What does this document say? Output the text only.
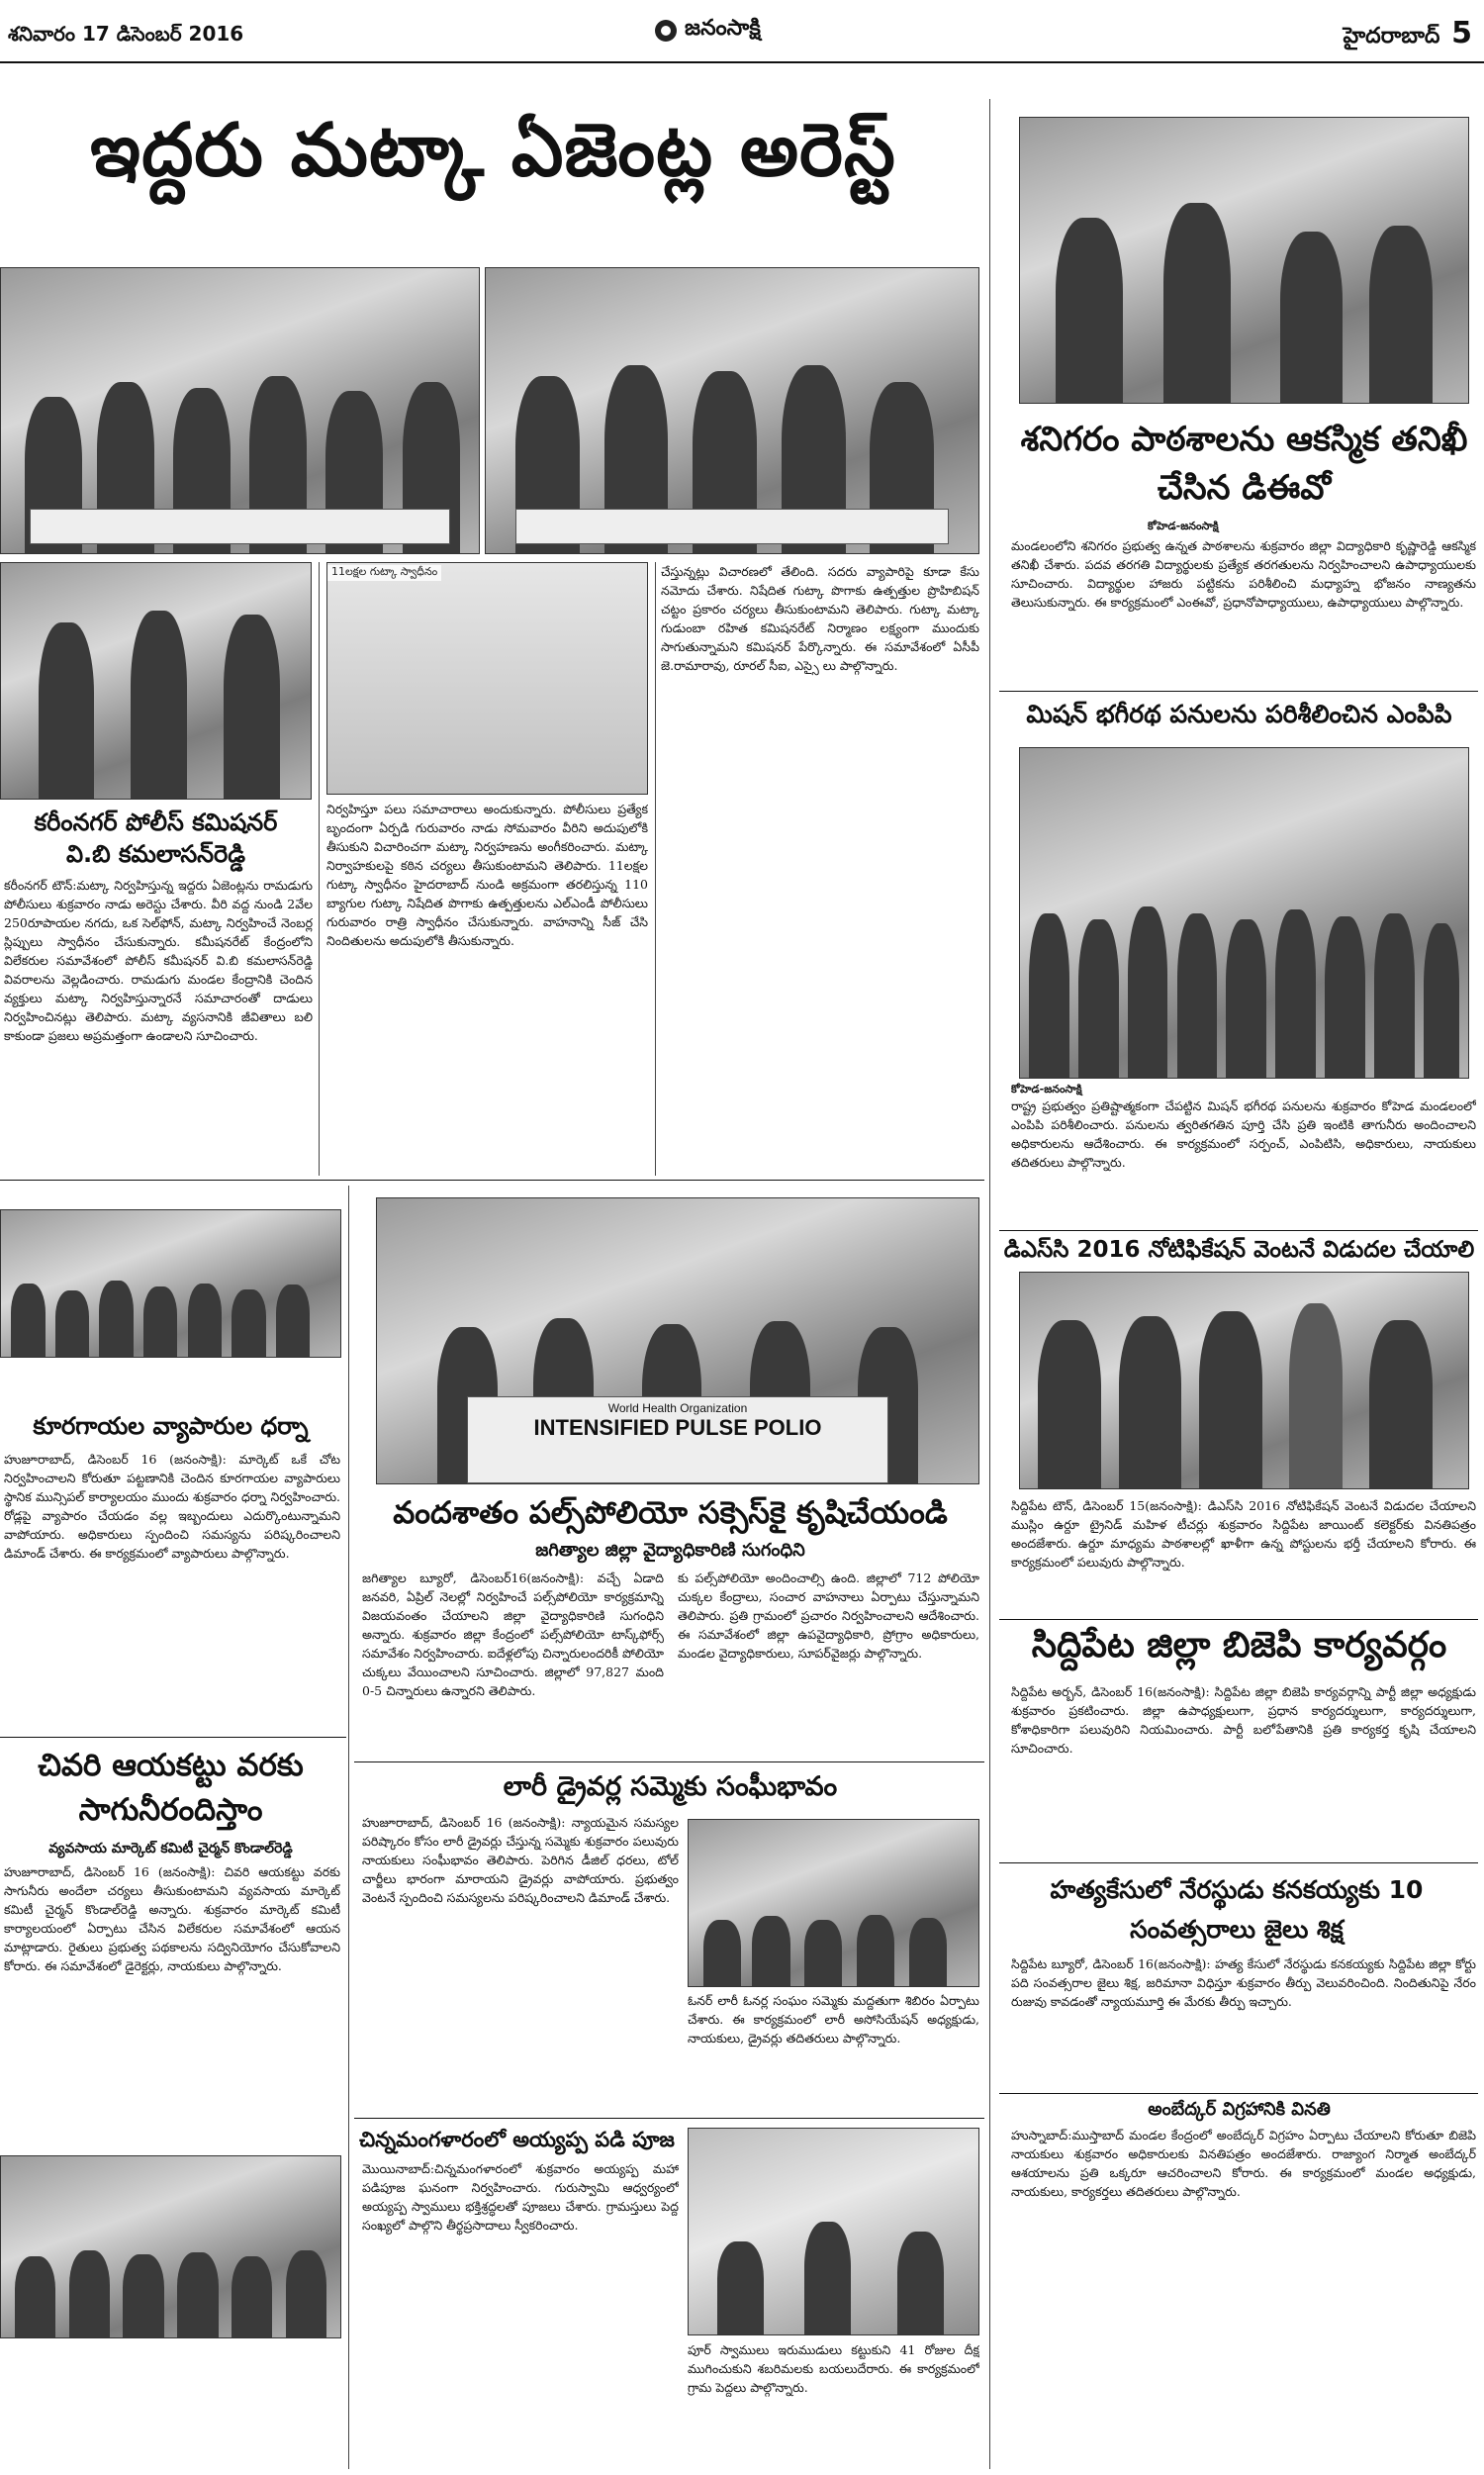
శనివారం 17 డిసెంబర్ 2016	జనంసాక్షి	హైదరాబాద్ 5
ఇద్దరు మట్కా ఏజెంట్ల అరెస్ట్
కరీంనగర్ పోలీస్ కమిషనర్
వి.బి కమలాసన్‌రెడ్డి
11లక్షల గుట్కా స్వాధీనం
కరీంనగర్ టౌన్:మట్కా నిర్వహిస్తున్న ఇద్దరు ఏజెంట్లను రామడుగు పోలీసులు శుక్రవారం నాడు అరెస్టు చేశారు. వీరి వద్ద నుండి 2వేల 250రూపాయల నగదు, ఒక సెల్‌ఫోన్, మట్కా నిర్వహించే నెంబర్ల స్లిప్పులు స్వాధీనం చేసుకున్నారు. కమీషనరేట్ కేంద్రంలోని విలేకరుల సమావేశంలో పోలీస్ కమీషనర్ వి.బి కమలాసన్‌రెడ్డి వివరాలను వెల్లడించారు. రామడుగు మండల కేంద్రానికి చెందిన వ్యక్తులు మట్కా నిర్వహిస్తున్నారనే సమాచారంతో దాడులు నిర్వహించినట్లు తెలిపారు. మట్కా వ్యసనానికి జీవితాలు బలి కాకుండా ప్రజలు అప్రమత్తంగా ఉండాలని సూచించారు.
నిర్వహిస్తూ పలు సమాచారాలు అందుకున్నారు. పోలీసులు ప్రత్యేక బృందంగా ఏర్పడి గురువారం నాడు సోమవారం వీరిని అదుపులోకి తీసుకుని విచారించగా మట్కా నిర్వహణను అంగీకరించారు. మట్కా నిర్వాహకులపై కఠిన చర్యలు తీసుకుంటామని తెలిపారు. 11లక్షల గుట్కా స్వాధీనం హైదరాబాద్ నుండి అక్రమంగా తరలిస్తున్న 110 బ్యాగుల గుట్కా నిషేదిత పొగాకు ఉత్పత్తులను ఎల్‌ఎండీ పోలీసులు గురువారం రాత్రి స్వాధీనం చేసుకున్నారు. వాహనాన్ని సీజ్ చేసి నిందితులను అదుపులోకి తీసుకున్నారు.
చేస్తున్నట్లు విచారణలో తేలింది. సదరు వ్యాపారిపై కూడా కేసు నమోదు చేశారు. నిషేదిత గుట్కా పొగాకు ఉత్పత్తుల ప్రొహిబిషన్ చట్టం ప్రకారం చర్యలు తీసుకుంటామని తెలిపారు. గుట్కా మట్కా గుడుంబా రహిత కమిషనరేట్ నిర్మాణం లక్ష్యంగా ముందుకు సాగుతున్నామని కమిషనర్ పేర్కొన్నారు. ఈ సమావేశంలో ఏసీపీ జె.రామారావు, రూరల్ సీఐ, ఎస్సై లు పాల్గొన్నారు.
శనిగరం పాఠశాలను ఆకస్మిక తనిఖీ చేసిన డిఈవో
కోహెడ-జనంసాక్షి
మండలంలోని శనిగరం ప్రభుత్వ ఉన్నత పాఠశాలను శుక్రవారం జిల్లా విద్యాధికారి కృష్ణారెడ్డి ఆకస్మిక తనిఖీ చేశారు. పదవ తరగతి విద్యార్థులకు ప్రత్యేక తరగతులను నిర్వహించాలని ఉపాధ్యాయులకు సూచించారు. విద్యార్థుల హాజరు పట్టికను పరిశీలించి మధ్యాహ్న భోజనం నాణ్యతను తెలుసుకున్నారు. ఈ కార్యక్రమంలో ఎంఈవో, ప్రధానోపాధ్యాయులు, ఉపాధ్యాయులు పాల్గొన్నారు.
మిషన్ భగీరథ పనులను పరిశీలించిన ఎంపిపి
కోహెడ-జనంసాక్షి
రాష్ట్ర ప్రభుత్వం ప్రతిష్టాత్మకంగా చేపట్టిన మిషన్ భగీరథ పనులను శుక్రవారం కోహెడ మండలంలో ఎంపిపి పరిశీలించారు. పనులను త్వరితగతిన పూర్తి చేసి ప్రతి ఇంటికి తాగునీరు అందించాలని అధికారులను ఆదేశించారు. ఈ కార్యక్రమంలో సర్పంచ్, ఎంపిటిసి, అధికారులు, నాయకులు తదితరులు పాల్గొన్నారు.
డిఎస్‌సి 2016 నోటిఫికేషన్ వెంటనే విడుదల చేయాలి
సిద్దిపేట టౌన్, డిసెంబర్ 15(జనంసాక్షి): డిఎస్‌సి 2016 నోటిఫికేషన్ వెంటనే విడుదల చేయాలని ముస్లిం ఉర్దూ ట్రైనిడ్ మహిళ టీచర్లు శుక్రవారం సిద్దిపేట జాయింట్ కలెక్టర్‌కు వినతిపత్రం అందజేశారు. ఉర్దూ మాధ్యమ పాఠశాలల్లో ఖాళీగా ఉన్న పోస్టులను భర్తీ చేయాలని కోరారు. ఈ కార్యక్రమంలో పలువురు పాల్గొన్నారు.
సిద్దిపేట జిల్లా బిజెపి కార్యవర్గం
సిద్దిపేట అర్బన్, డిసెంబర్ 16(జనంసాక్షి): సిద్దిపేట జిల్లా బిజెపి కార్యవర్గాన్ని పార్టీ జిల్లా అధ్యక్షుడు శుక్రవారం ప్రకటించారు. జిల్లా ఉపాధ్యక్షులుగా, ప్రధాన కార్యదర్శులుగా, కార్యదర్శులుగా, కోశాధికారిగా పలువురిని నియమించారు. పార్టీ బలోపేతానికి ప్రతి కార్యకర్త కృషి చేయాలని సూచించారు.
హత్యకేసులో నేరస్థుడు కనకయ్యకు 10 సంవత్సరాలు జైలు శిక్ష
సిద్దిపేట బ్యూరో, డిసెంబర్ 16(జనంసాక్షి): హత్య కేసులో నేరస్థుడు కనకయ్యకు సిద్దిపేట జిల్లా కోర్టు పది సంవత్సరాల జైలు శిక్ష, జరిమానా విధిస్తూ శుక్రవారం తీర్పు వెలువరించింది. నిందితునిపై నేరం రుజువు కావడంతో న్యాయమూర్తి ఈ మేరకు తీర్పు ఇచ్చారు.
అంబేద్కర్ విగ్రహానికి వినతి
హుస్నాబాద్:ముస్తాబాద్ మండల కేంద్రంలో అంబేద్కర్ విగ్రహం ఏర్పాటు చేయాలని కోరుతూ బిజెపి నాయకులు శుక్రవారం అధికారులకు వినతిపత్రం అందజేశారు. రాజ్యాంగ నిర్మాత అంబేద్కర్ ఆశయాలను ప్రతి ఒక్కరూ ఆచరించాలని కోరారు. ఈ కార్యక్రమంలో మండల అధ్యక్షుడు, నాయకులు, కార్యకర్తలు తదితరులు పాల్గొన్నారు.
కూరగాయల వ్యాపారుల ధర్నా
హుజూరాబాద్, డిసెంబర్ 16 (జనంసాక్షి): మార్కెట్ ఒకే చోట నిర్వహించాలని కోరుతూ పట్టణానికి చెందిన కూరగాయల వ్యాపారులు స్థానిక మున్సిపల్ కార్యాలయం ముందు శుక్రవారం ధర్నా నిర్వహించారు. రోడ్లపై వ్యాపారం చేయడం వల్ల ఇబ్బందులు ఎదుర్కొంటున్నామని వాపోయారు. అధికారులు స్పందించి సమస్యను పరిష్కరించాలని డిమాండ్ చేశారు. ఈ కార్యక్రమంలో వ్యాపారులు పాల్గొన్నారు.
చివరి ఆయకట్టు వరకు సాగునీరందిస్తాం
వ్యవసాయ మార్కెట్ కమిటీ చైర్మన్ కొండాల్‌రెడ్డి
హుజూరాబాద్, డిసెంబర్ 16 (జనంసాక్షి): చివరి ఆయకట్టు వరకు సాగునీరు అందేలా చర్యలు తీసుకుంటామని వ్యవసాయ మార్కెట్ కమిటీ చైర్మన్ కొండాల్‌రెడ్డి అన్నారు. శుక్రవారం మార్కెట్ కమిటీ కార్యాలయంలో ఏర్పాటు చేసిన విలేకరుల సమావేశంలో ఆయన మాట్లాడారు. రైతులు ప్రభుత్వ పథకాలను సద్వినియోగం చేసుకోవాలని కోరారు. ఈ సమావేశంలో డైరెక్టర్లు, నాయకులు పాల్గొన్నారు.
World Health Organization
INTENSIFIED PULSE POLIO
వందశాతం పల్స్‌పోలియో సక్సెస్‌కై కృషిచేయండి
జగిత్యాల జిల్లా వైద్యాధికారిణి సుగంధిని
జగిత్యాల బ్యూరో, డిసెంబర్16(జనంసాక్షి): వచ్చే ఏడాది జనవరి, ఏప్రిల్ నెలల్లో నిర్వహించే పల్స్‌పోలియో కార్యక్రమాన్ని విజయవంతం చేయాలని జిల్లా వైద్యాధికారిణి సుగంధిని అన్నారు. శుక్రవారం జిల్లా కేంద్రంలో పల్స్‌పోలియో టాస్క్‌ఫోర్స్ సమావేశం నిర్వహించారు. ఐదేళ్లలోపు చిన్నారులందరికీ పోలియో చుక్కలు వేయించాలని సూచించారు. జిల్లాలో 97,827 మంది 0-5 చిన్నారులు ఉన్నారని తెలిపారు.
కు పల్స్‌పోలియో అందించాల్సి ఉంది. జిల్లాలో 712 పోలియో చుక్కల కేంద్రాలు, సంచార వాహనాలు ఏర్పాటు చేస్తున్నామని తెలిపారు. ప్రతి గ్రామంలో ప్రచారం నిర్వహించాలని ఆదేశించారు. ఈ సమావేశంలో జిల్లా ఉపవైద్యాధికారి, ప్రోగ్రాం అధికారులు, మండల వైద్యాధికారులు, సూపర్‌వైజర్లు పాల్గొన్నారు.
లారీ డ్రైవర్ల సమ్మెకు సంఘీభావం
హుజూరాబాద్, డిసెంబర్ 16 (జనంసాక్షి): న్యాయమైన సమస్యల పరిష్కారం కోసం లారీ డ్రైవర్లు చేస్తున్న సమ్మెకు శుక్రవారం పలువురు నాయకులు సంఘీభావం తెలిపారు. పెరిగిన డీజిల్ ధరలు, టోల్ చార్జీలు భారంగా మారాయని డ్రైవర్లు వాపోయారు. ప్రభుత్వం వెంటనే స్పందించి సమస్యలను పరిష్కరించాలని డిమాండ్ చేశారు.
ఓనర్ లారీ ఓనర్ల సంఘం సమ్మెకు మద్దతుగా శిబిరం ఏర్పాటు చేశారు. ఈ కార్యక్రమంలో లారీ అసోసియేషన్ అధ్యక్షుడు, నాయకులు, డ్రైవర్లు తదితరులు పాల్గొన్నారు.
చిన్నమంగళారంలో అయ్యప్ప పడి పూజ
మొయినాబాద్:చిన్నమంగళారంలో శుక్రవారం అయ్యప్ప మహా పడిపూజ ఘనంగా నిర్వహించారు. గురుస్వామి ఆధ్వర్యంలో అయ్యప్ప స్వాములు భక్తిశ్రద్ధలతో పూజలు చేశారు. గ్రామస్తులు పెద్ద సంఖ్యలో పాల్గొని తీర్థప్రసాదాలు స్వీకరించారు.
పూర్ స్వాములు ఇరుముడులు కట్టుకుని 41 రోజుల దీక్ష ముగించుకుని శబరిమలకు బయలుదేరారు. ఈ కార్యక్రమంలో గ్రామ పెద్దలు పాల్గొన్నారు.
